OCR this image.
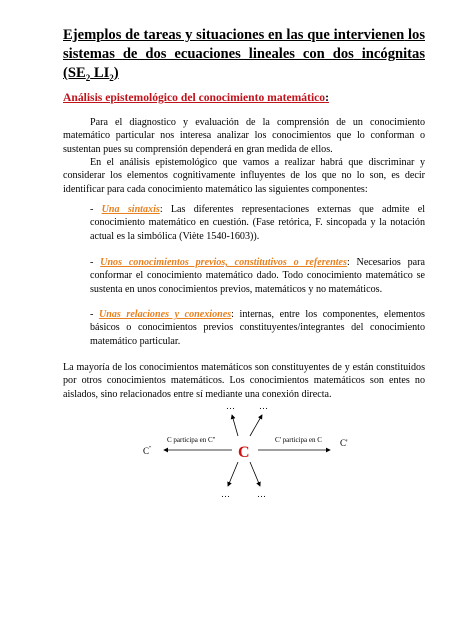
Ejemplos de tareas y situaciones en las que intervienen los sistemas de dos ecuaciones lineales con dos incógnitas ($SE_2$ $LI_2$)
Análisis epistemológico del conocimiento matemático:

Para el diagnostico y evaluación de la comprensión de un conocimiento matemático particular nos interesa analizar los conocimientos que lo conforman o sustentan pues su comprensión dependerá en gran medida de ellos.

En el análisis epistemológico que vamos a realizar habrá que discriminar y considerar los elementos cognitivamente influyentes de los que no lo son, es decir identificar para cada conocimiento matemático las siguientes componentes:

- Una sintaxis: Las diferentes representaciones externas que admite el conocimiento matemático en cuestión. (Fase retórica, F. sincopada y la notación actual es la simbólica (Viète 1540-1603)).

- Unos conocimientos previos, constitutivos o referentes: Necesarios para conformar el conocimiento matemático dado. Todo conocimiento matemático se sustenta en unos conocimientos previos, matemáticos y no matemáticos.

- Unas relaciones y conexiones: internas, entre los componentes, elementos básicos o conocimientos previos constituyentes/integrantes del conocimiento matemático particular.

La mayoría de los conocimientos matemáticos son constituyentes de y están constituidos por otros conocimientos matemáticos. Los conocimientos matemáticos son entes no aislados, sino relacionados entre sí mediante una conexión directa.

…	…
…	…
C participa en C"	C' participa en C
C"
C'
C
